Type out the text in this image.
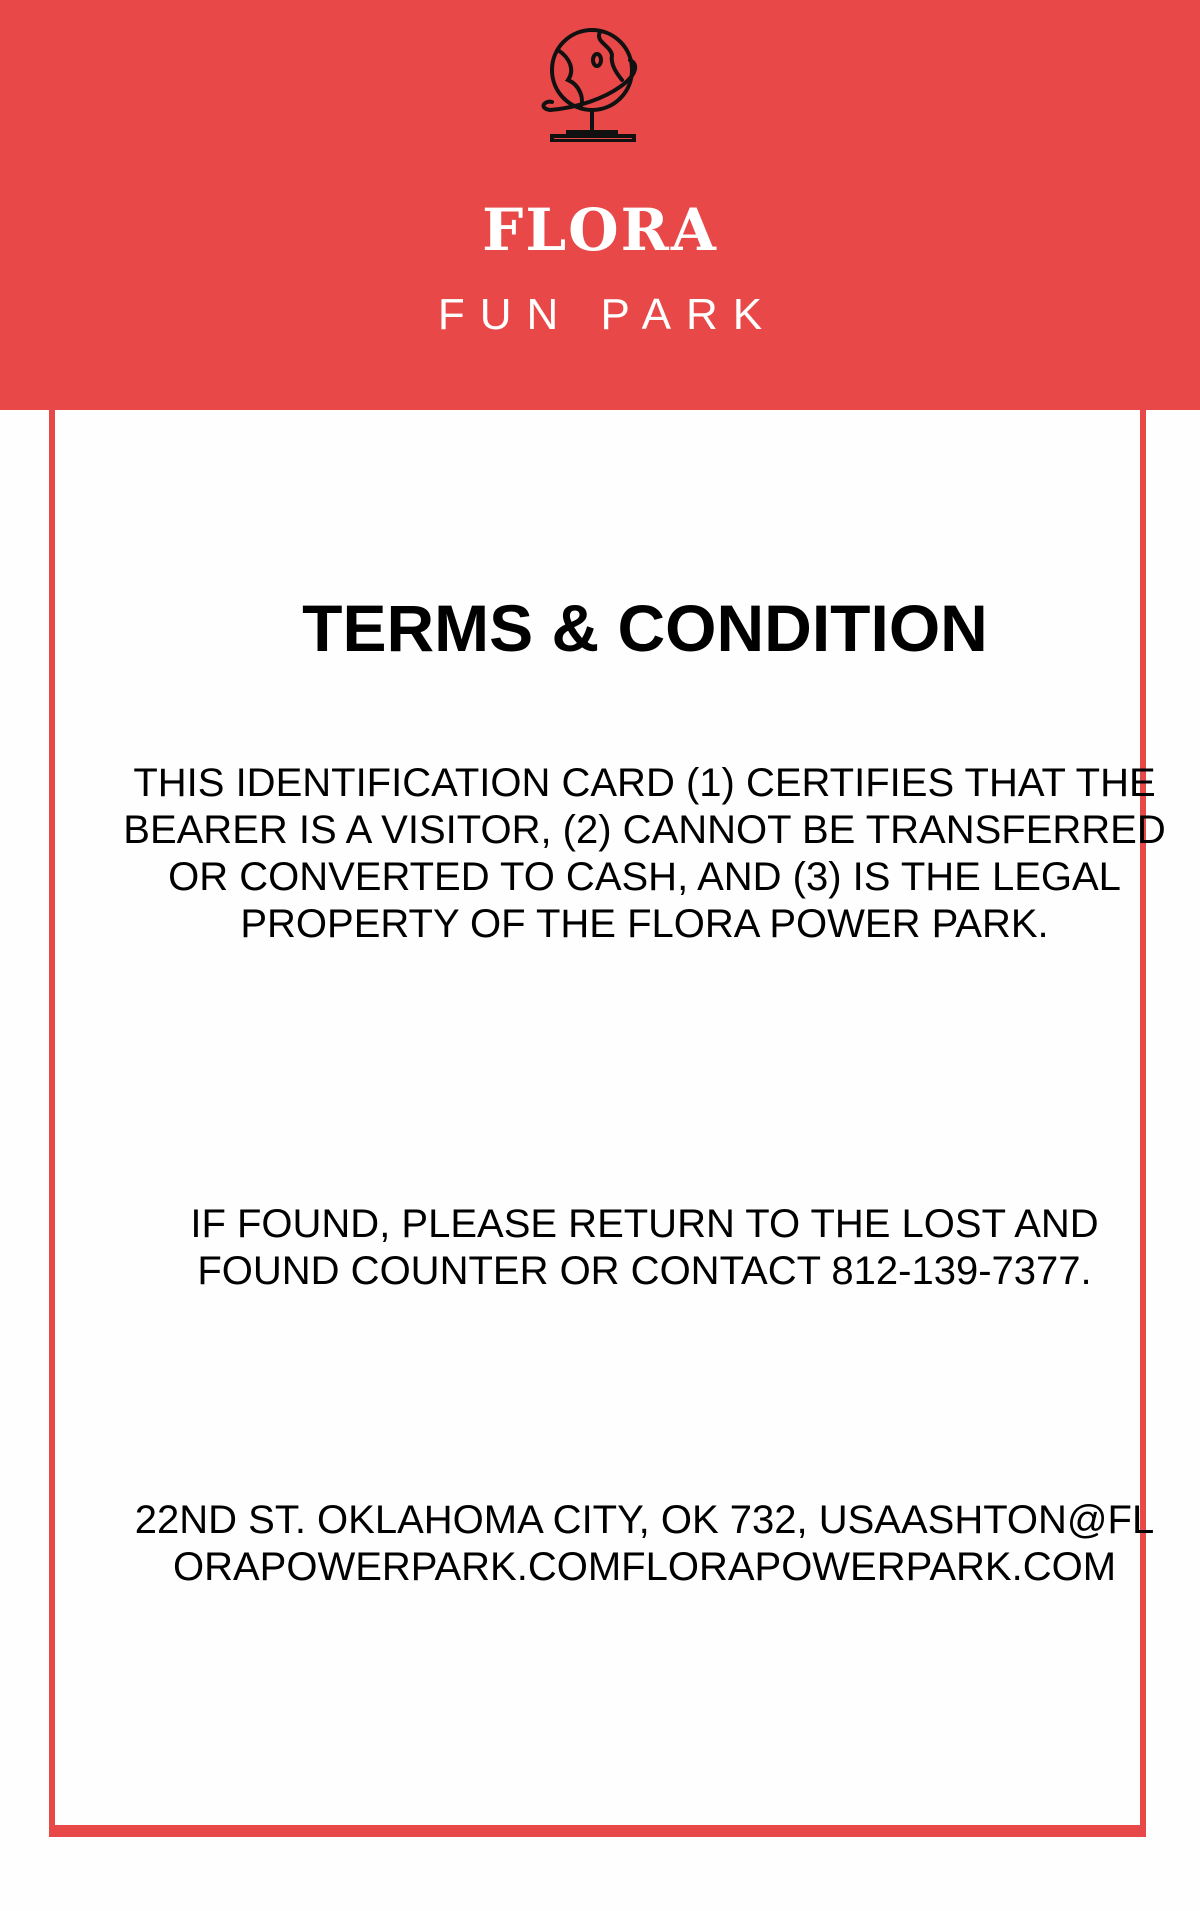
FLORA
FUN PARK
TERMS & CONDITION
THIS IDENTIFICATION CARD (1) CERTIFIES THAT THE BEARER IS A VISITOR, (2) CANNOT BE TRANSFERRED OR CONVERTED TO CASH, AND (3) IS THE LEGAL PROPERTY OF THE FLORA POWER PARK.
IF FOUND, PLEASE RETURN TO THE LOST AND FOUND COUNTER OR CONTACT 812-139-7377.
22ND ST. OKLAHOMA CITY, OK 732, USAASHTON@FLORAPOWERPARK.COMFLORAPOWERPARK.COM
